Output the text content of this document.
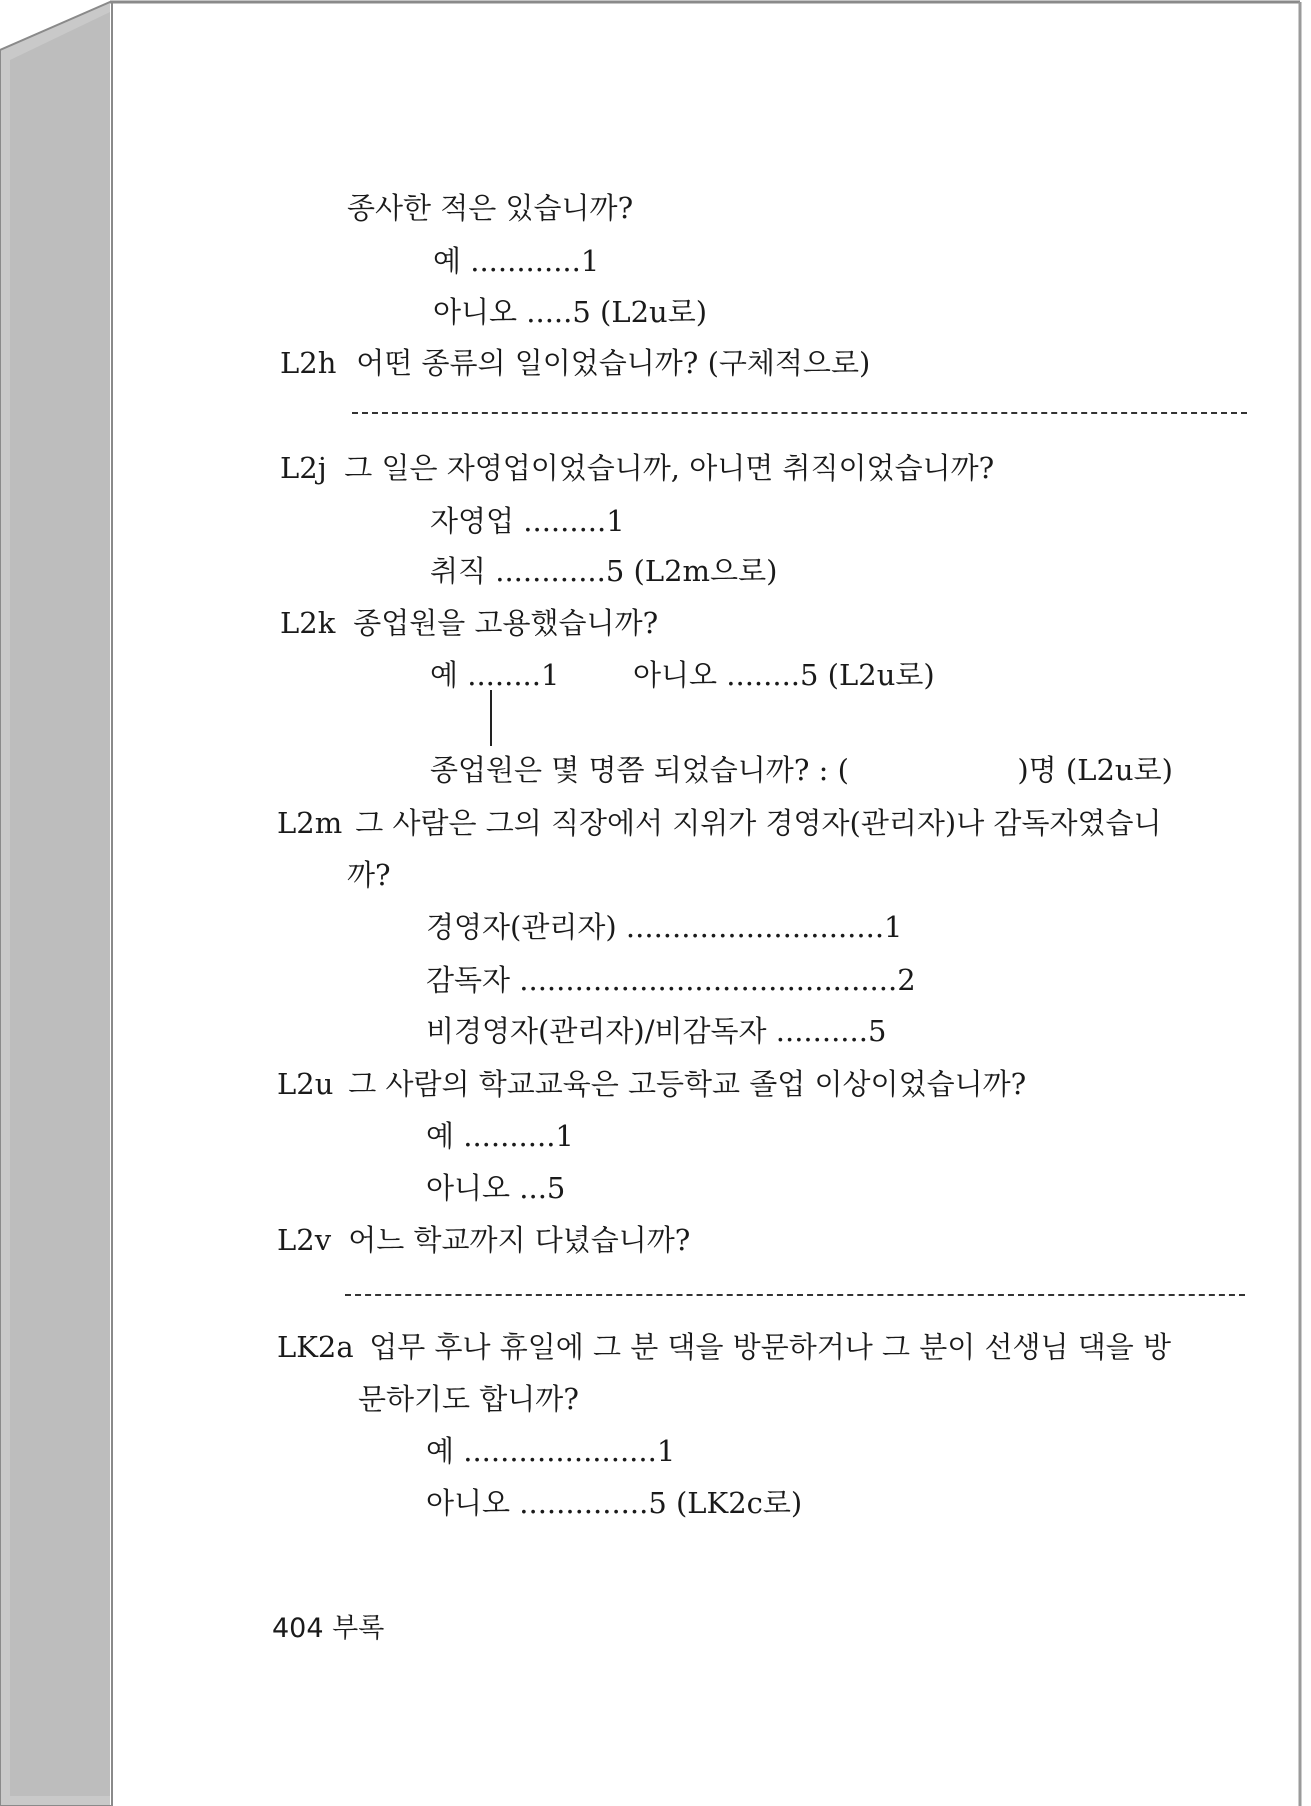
종사한 적은 있습니까?
예 ............1
아니오 .....5 (L2u로)
L2h 어떤 종류의 일이었습니까? (구체적으로)
L2j 그 일은 자영업이었습니까, 아니면 취직이었습니까?
자영업 .........1
취직 ............5 (L2m으로)
L2k 종업원을 고용했습니까?
예 ........1	아니오 ........5 (L2u로)
종업원은 몇 명쯤 되었습니까? : (	)명 (L2u로)
L2m 그 사람은 그의 직장에서 지위가 경영자(관리자)나 감독자였습니
까?
경영자(관리자) ............................1
감독자 .........................................2
비경영자(관리자)/비감독자 ..........5
L2u 그 사람의 학교교육은 고등학교 졸업 이상이었습니까?
예 ..........1
아니오 ...5
L2v 어느 학교까지 다녔습니까?
LK2a 업무 후나 휴일에 그 분 댁을 방문하거나 그 분이 선생님 댁을 방
문하기도 합니까?
예 .....................1
아니오 ..............5 (LK2c로)
404 부록
